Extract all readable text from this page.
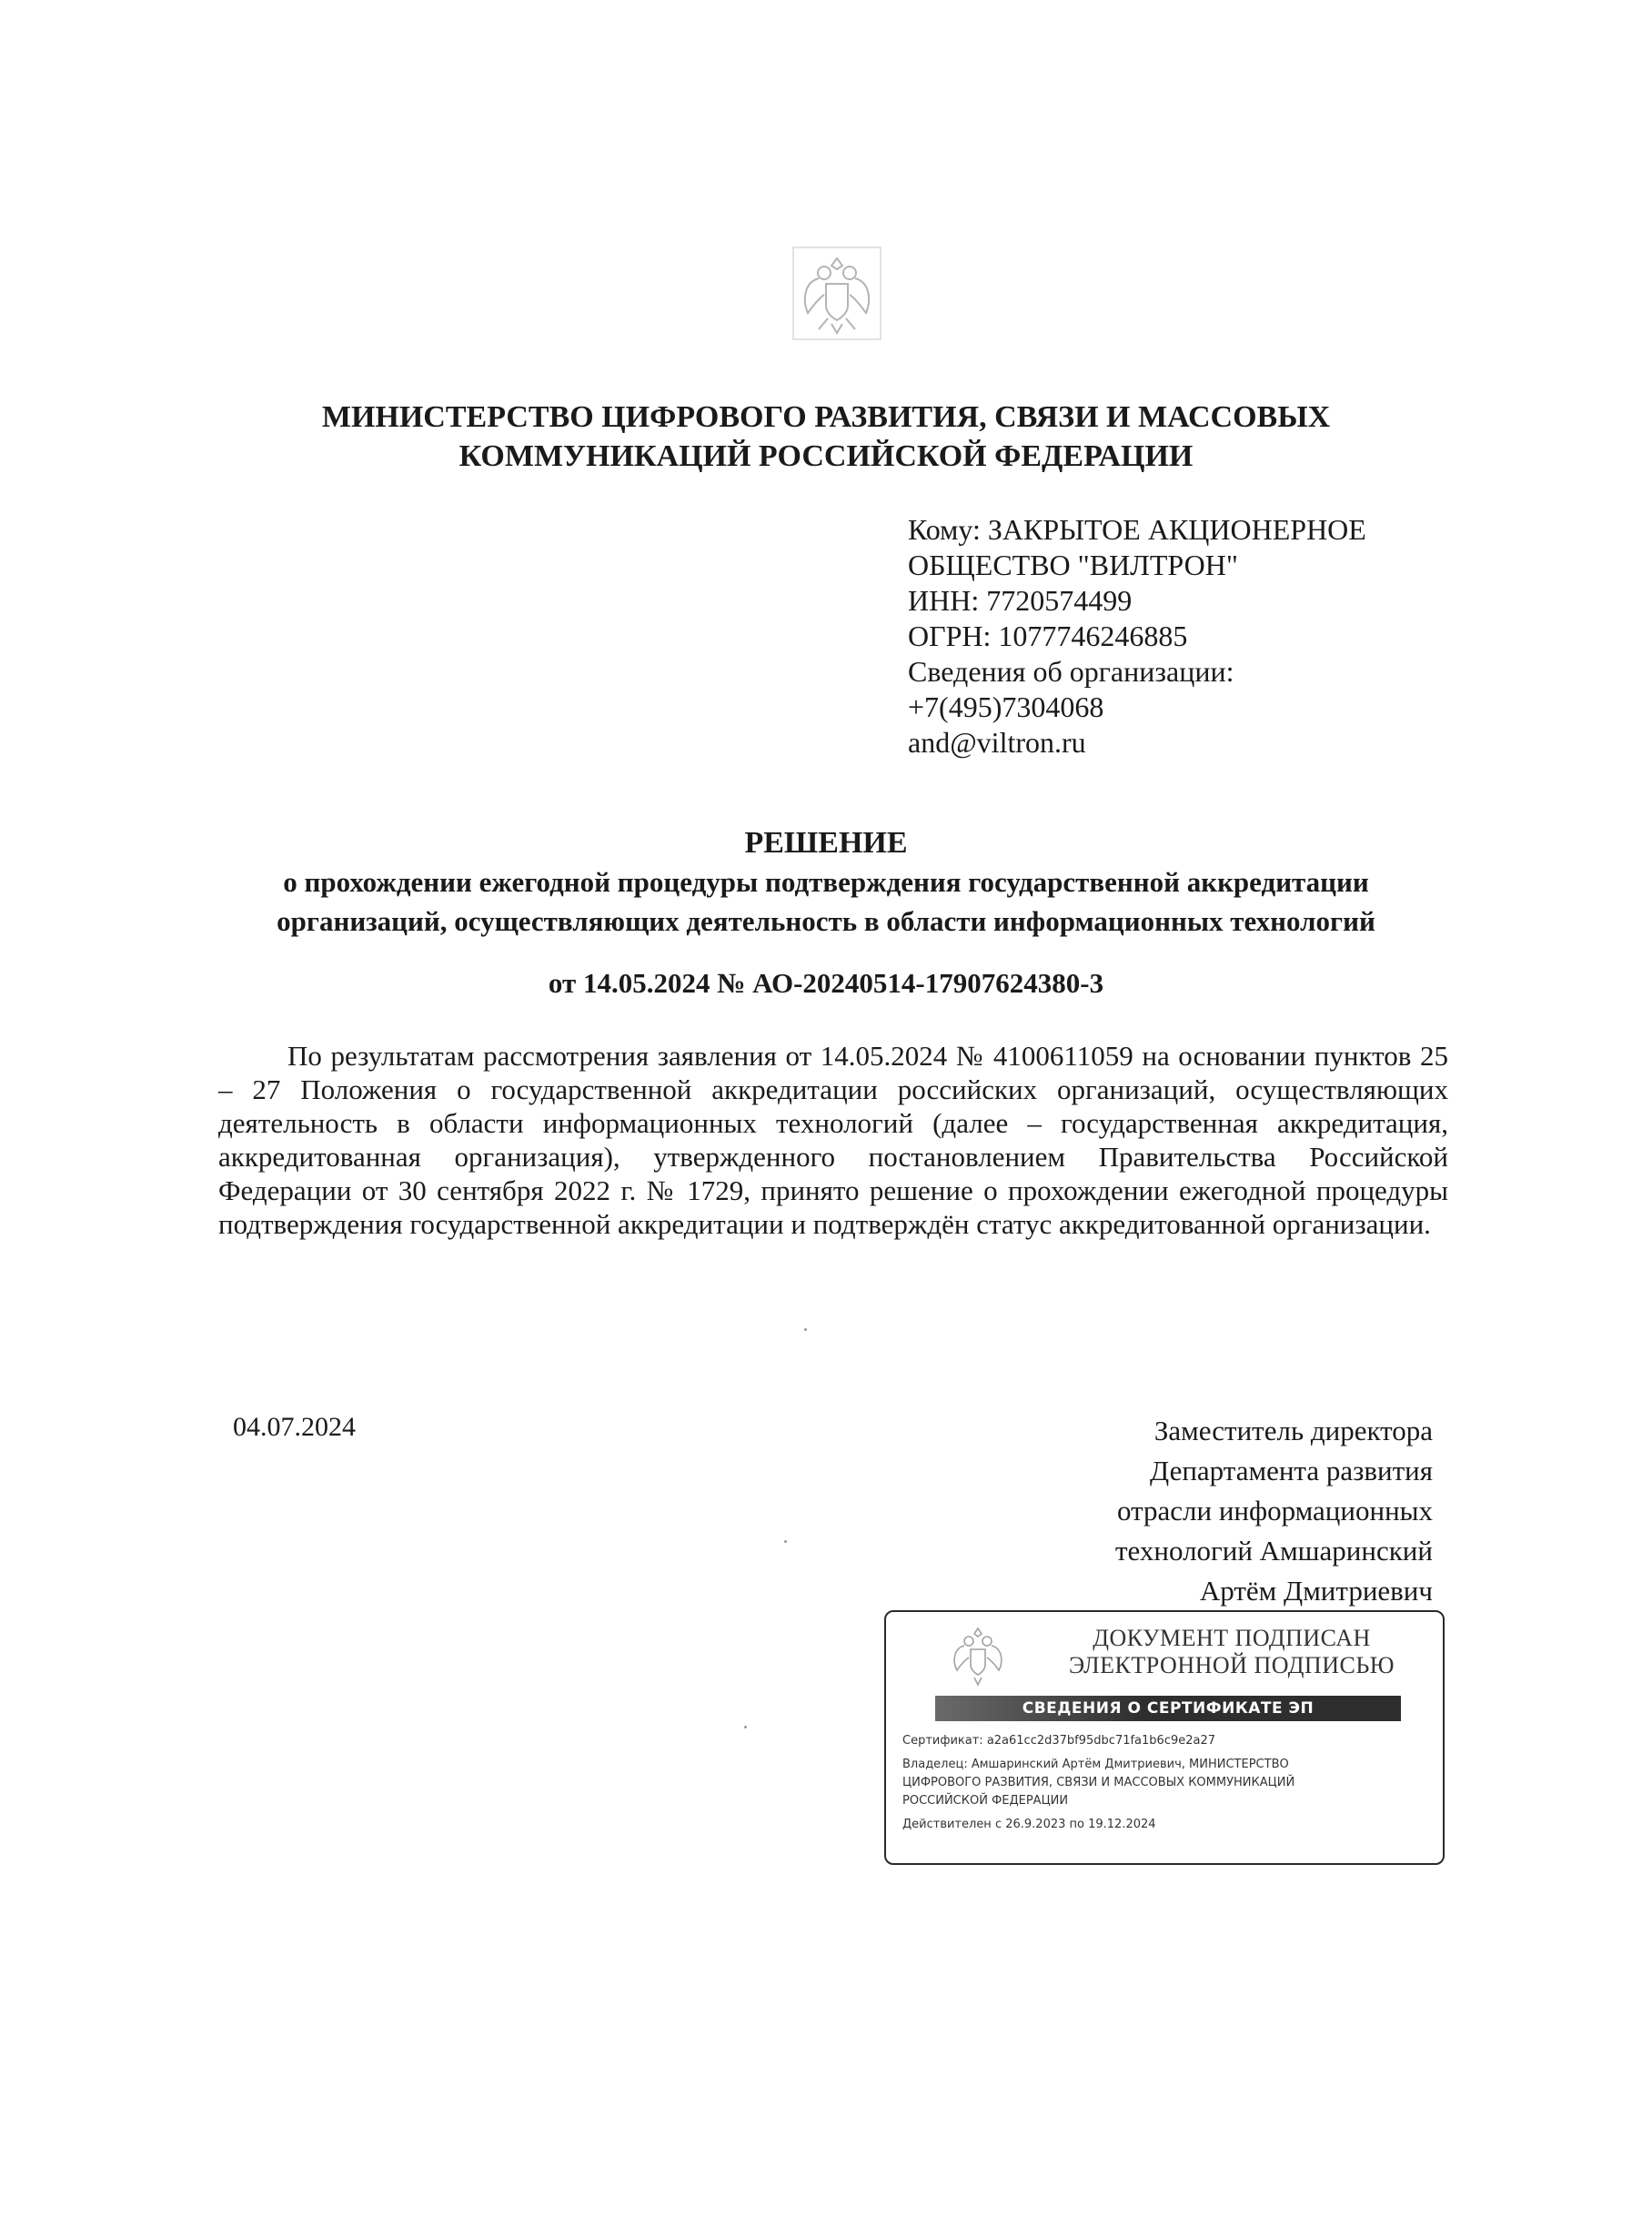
МИНИСТЕРСТВО ЦИФРОВОГО РАЗВИТИЯ, СВЯЗИ И МАССОВЫХ
КОММУНИКАЦИЙ РОССИЙСКОЙ ФЕДЕРАЦИИ
Кому: ЗАКРЫТОЕ АКЦИОНЕРНОЕ
ОБЩЕСТВО "ВИЛТРОН"
ИНН: 7720574499
ОГРН: 1077746246885
Сведения об организации:
+7(495)7304068
and@viltron.ru
РЕШЕНИЕ
о прохождении ежегодной процедуры подтверждения государственной аккредитации
организаций, осуществляющих деятельность в области информационных технологий
от 14.05.2024 № АО-20240514-17907624380-3
По результатам рассмотрения заявления от 14.05.2024 № 4100611059 на основании пунктов 25 – 27 Положения о государственной аккредитации российских организаций, осуществляющих деятельность в области информационных технологий (далее – государственная аккредитация, аккредитованная организация), утвержденного постановлением Правительства Российской Федерации от 30 сентября 2022 г. № 1729, принято решение о прохождении ежегодной процедуры подтверждения государственной аккредитации и подтверждён статус аккредитованной организации.
04.07.2024	Заместитель директора
Департамента развития
отрасли информационных
технологий Амшаринский
Артём Дмитриевич
ДОКУМЕНТ ПОДПИСАН
ЭЛЕКТРОННОЙ ПОДПИСЬЮ
СВЕДЕНИЯ О СЕРТИФИКАТЕ ЭП
Сертификат: a2a61cc2d37bf95dbc71fa1b6c9e2a27
Владелец: Амшаринский Артём Дмитриевич, МИНИСТЕРСТВО
ЦИФРОВОГО РАЗВИТИЯ, СВЯЗИ И МАССОВЫХ КОММУНИКАЦИЙ
РОССИЙСКОЙ ФЕДЕРАЦИИ
Действителен с 26.9.2023 по 19.12.2024
